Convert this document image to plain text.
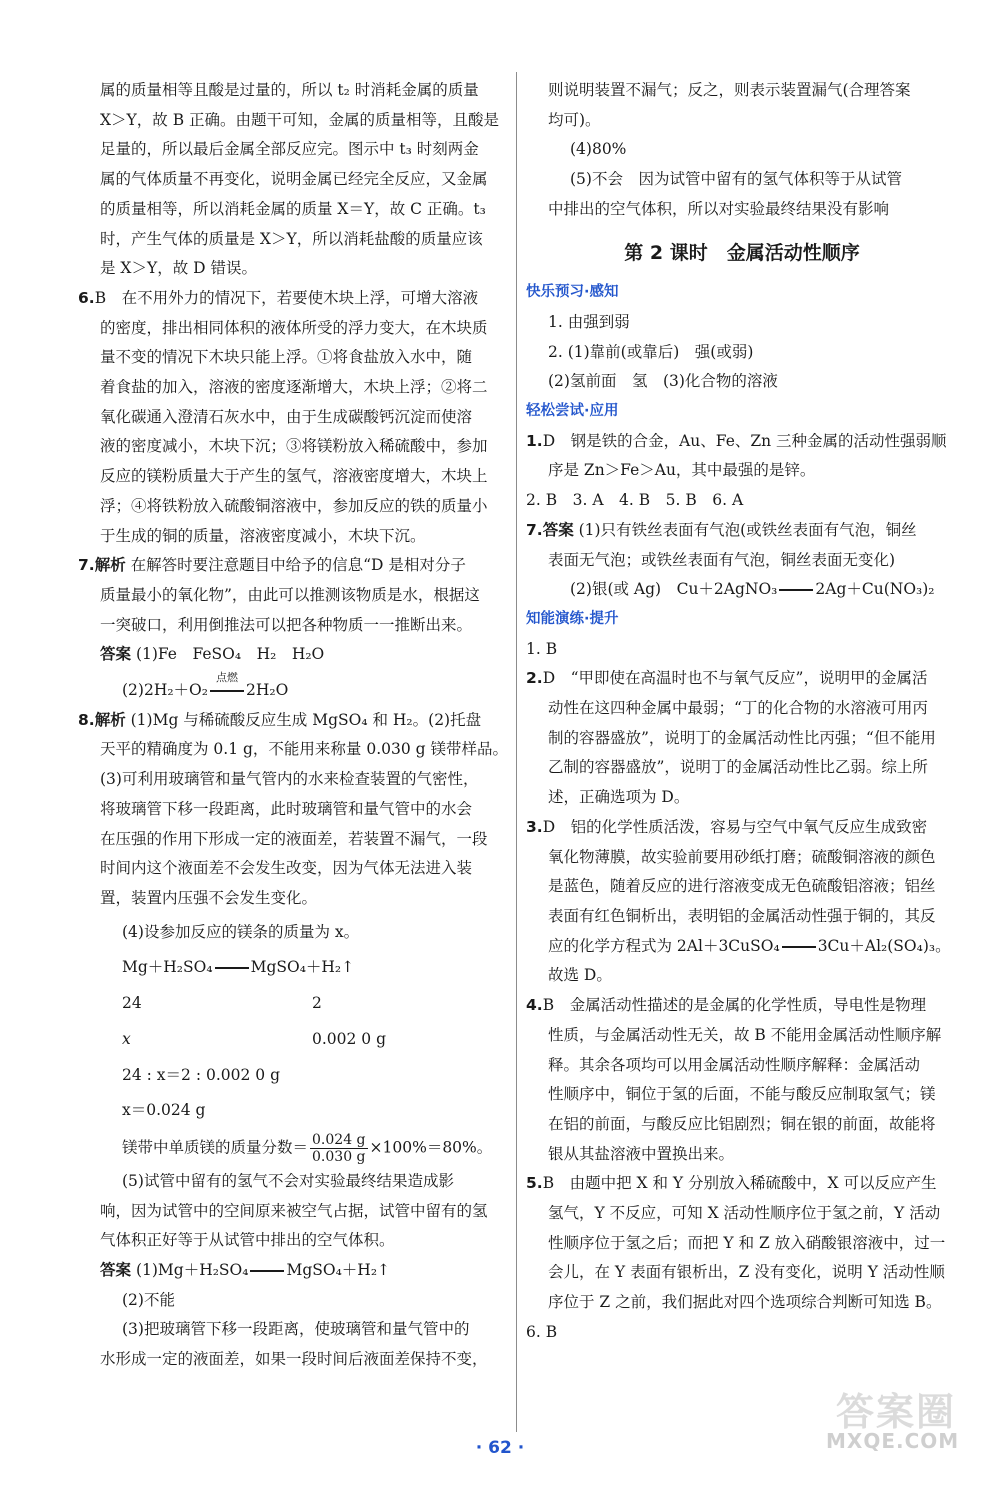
属的质量相等且酸是过量的，所以 t₂ 时消耗金属的质量

X＞Y，故 B 正确。由题干可知，金属的质量相等，且酸是

足量的，所以最后金属全部反应完。图示中 t₃ 时刻两金

属的气体质量不再变化，说明金属已经完全反应，又金属

的质量相等，所以消耗金属的质量 X＝Y，故 C 正确。t₃

时，产生气体的质量是 X＞Y，所以消耗盐酸的质量应该

是 X＞Y，故 D 错误。

6.B　在不用外力的情况下，若要使木块上浮，可增大溶液

的密度，排出相同体积的液体所受的浮力变大，在木块质

量不变的情况下木块只能上浮。①将食盐放入水中，随

着食盐的加入，溶液的密度逐渐增大，木块上浮；②将二

氧化碳通入澄清石灰水中，由于生成碳酸钙沉淀而使溶

液的密度减小，木块下沉；③将镁粉放入稀硫酸中，参加

反应的镁粉质量大于产生的氢气，溶液密度增大，木块上

浮；④将铁粉放入硫酸铜溶液中，参加反应的铁的质量小

于生成的铜的质量，溶液密度减小，木块下沉。

7.解析 在解答时要注意题目中给予的信息“D 是相对分子

质量最小的氧化物”，由此可以推测该物质是水，根据这

一突破口，利用倒推法可以把各种物质一一推断出来。

答案 (1)Fe　FeSO₄　H₂　H₂O

(2)2H₂＋O₂
点燃
2H₂O

8.解析 (1)Mg 与稀硫酸反应生成 MgSO₄ 和 H₂。(2)托盘

天平的精确度为 0.1 g，不能用来称量 0.030 g 镁带样品。

(3)可利用玻璃管和量气管内的水来检查装置的气密性，

将玻璃管下移一段距离，此时玻璃管和量气管中的水会

在压强的作用下形成一定的液面差，若装置不漏气，一段

时间内这个液面差不会发生改变，因为气体无法进入装

置，装置内压强不会发生变化。

(4)设参加反应的镁条的质量为 x。

Mg＋H₂SO₄ MgSO₄＋H₂↑

24	2

x	0.002 0 g

24 : x＝2 : 0.002 0 g

x＝0.024 g

镁带中单质镁的质量分数＝ $\frac{0.024 g}{0.030 g} \times 100\%=80\%$。

(5)试管中留有的氢气不会对实验最终结果造成影

响，因为试管中的空间原来被空气占据，试管中留有的氢

气体积正好等于从试管中排出的空气体积。

答案 (1)Mg＋H₂SO₄ MgSO₄＋H₂↑

(2)不能

(3)把玻璃管下移一段距离，使玻璃管和量气管中的

水形成一定的液面差，如果一段时间后液面差保持不变，

则说明装置不漏气；反之，则表示装置漏气(合理答案

均可)。

(4)80%

(5)不会　因为试管中留有的氢气体积等于从试管

中排出的空气体积，所以对实验最终结果没有影响

第 2 课时　金属活动性顺序

快乐预习·感知

1. 由强到弱

2. (1)靠前(或靠后)　强(或弱)

(2)氢前面　氢　(3)化合物的溶液

轻松尝试·应用

1.D　钢是铁的合金，Au、Fe、Zn 三种金属的活动性强弱顺

序是 Zn＞Fe＞Au，其中最强的是锌。

2. B　3. A　4. B　5. B　6. A

7.答案 (1)只有铁丝表面有气泡(或铁丝表面有气泡，铜丝

表面无气泡；或铁丝表面有气泡，铜丝表面无变化)

(2)银(或 Ag)　Cu＋2AgNO₃ 2Ag＋Cu(NO₃)₂

知能演练·提升

1. B

2.D　“甲即使在高温时也不与氧气反应”，说明甲的金属活

动性在这四种金属中最弱；“丁的化合物的水溶液可用丙

制的容器盛放”，说明丁的金属活动性比丙强；“但不能用

乙制的容器盛放”，说明丁的金属活动性比乙弱。综上所

述，正确选项为 D。

3.D　铝的化学性质活泼，容易与空气中氧气反应生成致密

氧化物薄膜，故实验前要用砂纸打磨；硫酸铜溶液的颜色

是蓝色，随着反应的进行溶液变成无色硫酸铝溶液；铝丝

表面有红色铜析出，表明铝的金属活动性强于铜的，其反

应的化学方程式为 2Al＋3CuSO₄ 3Cu＋Al₂(SO₄)₃。

故选 D。

4.B　金属活动性描述的是金属的化学性质，导电性是物理

性质，与金属活动性无关，故 B 不能用金属活动性顺序解

释。其余各项均可以用金属活动性顺序解释：金属活动

性顺序中，铜位于氢的后面，不能与酸反应制取氢气；镁

在铝的前面，与酸反应比铝剧烈；铜在银的前面，故能将

银从其盐溶液中置换出来。

5.B　由题中把 X 和 Y 分别放入稀硫酸中，X 可以反应产生

氢气，Y 不反应，可知 X 活动性顺序位于氢之前，Y 活动

性顺序位于氢之后；而把 Y 和 Z 放入硝酸银溶液中，过一

会儿，在 Y 表面有银析出，Z 没有变化，说明 Y 活动性顺

序位于 Z 之前，我们据此对四个选项综合判断可知选 B。

6. B

· 62 ·
答案圈
MXQE.COM
